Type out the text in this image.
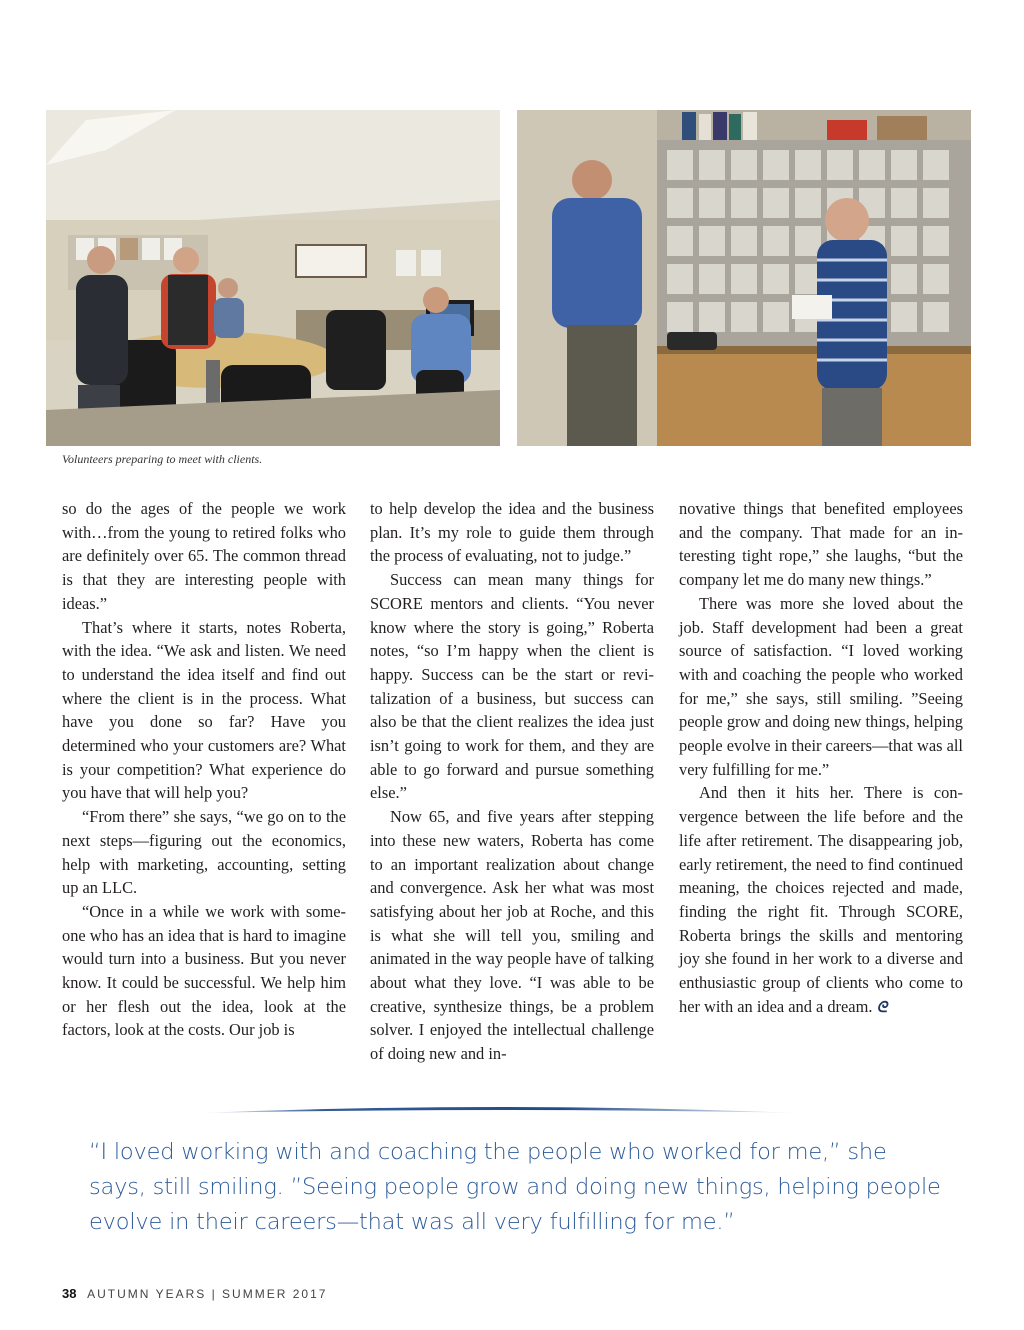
Volunteers preparing to meet with clients.

so do the ages of the people we work with…from the young to retired folks who are definitely over 65. The common thread is that they are interesting people with ideas.”

That’s where it starts, notes Roberta, with the idea. “We ask and listen. We need to understand the idea itself and find out where the client is in the process. What have you done so far? Have you determined who your customers are? What is your competition? What experience do you have that will help you?

“From there” she says, “we go on to the next steps—figuring out the economics, help with marketing, accounting, setting up an LLC.

“Once in a while we work with someone who has an idea that is hard to imagine would turn into a business. But you never know. It could be successful. We help him or her flesh out the idea, look at the factors, look at the costs. Our job is

to help develop the idea and the business plan. It’s my role to guide them through the process of evaluating, not to judge.”

Success can mean many things for SCORE mentors and clients. “You never know where the story is going,” Roberta notes, “so I’m happy when the client is happy. Success can be the start or revitalization of a business, but success can also be that the client realizes the idea just isn’t going to work for them, and they are able to go forward and pursue something else.”

Now 65, and five years after stepping into these new waters, Roberta has come to an important realization about change and convergence. Ask her what was most satisfying about her job at Roche, and this is what she will tell you, smiling and animated in the way people have of talking about what they love. “I was able to be creative, synthesize things, be a problem solver. I enjoyed the intellectual challenge of doing new and in-

novative things that benefited employees and the company. That made for an interesting tight rope,” she laughs, “but the company let me do many new things.”

There was more she loved about the job. Staff development had been a great source of satisfaction. “I loved working with and coaching the people who worked for me,” she says, still smiling. ”Seeing people grow and doing new things, helping people evolve in their careers—that was all very fulfilling for me.”

And then it hits her. There is convergence between the life before and the life after retirement. The disappearing job, early retirement, the need to find continued meaning, the choices rejected and made, finding the right fit. Through SCORE, Roberta brings the skills and mentoring joy she found in her work to a diverse and enthusiastic group of clients who come to her with an idea and a dream. ᘓ

“I loved working with and coaching the people who worked for me,” she says, still smiling. ”Seeing people grow and doing new things, helping people evolve in their careers—that was all very fulfilling for me.”
38 AUTUMN YEARS | SUMMER 2017
